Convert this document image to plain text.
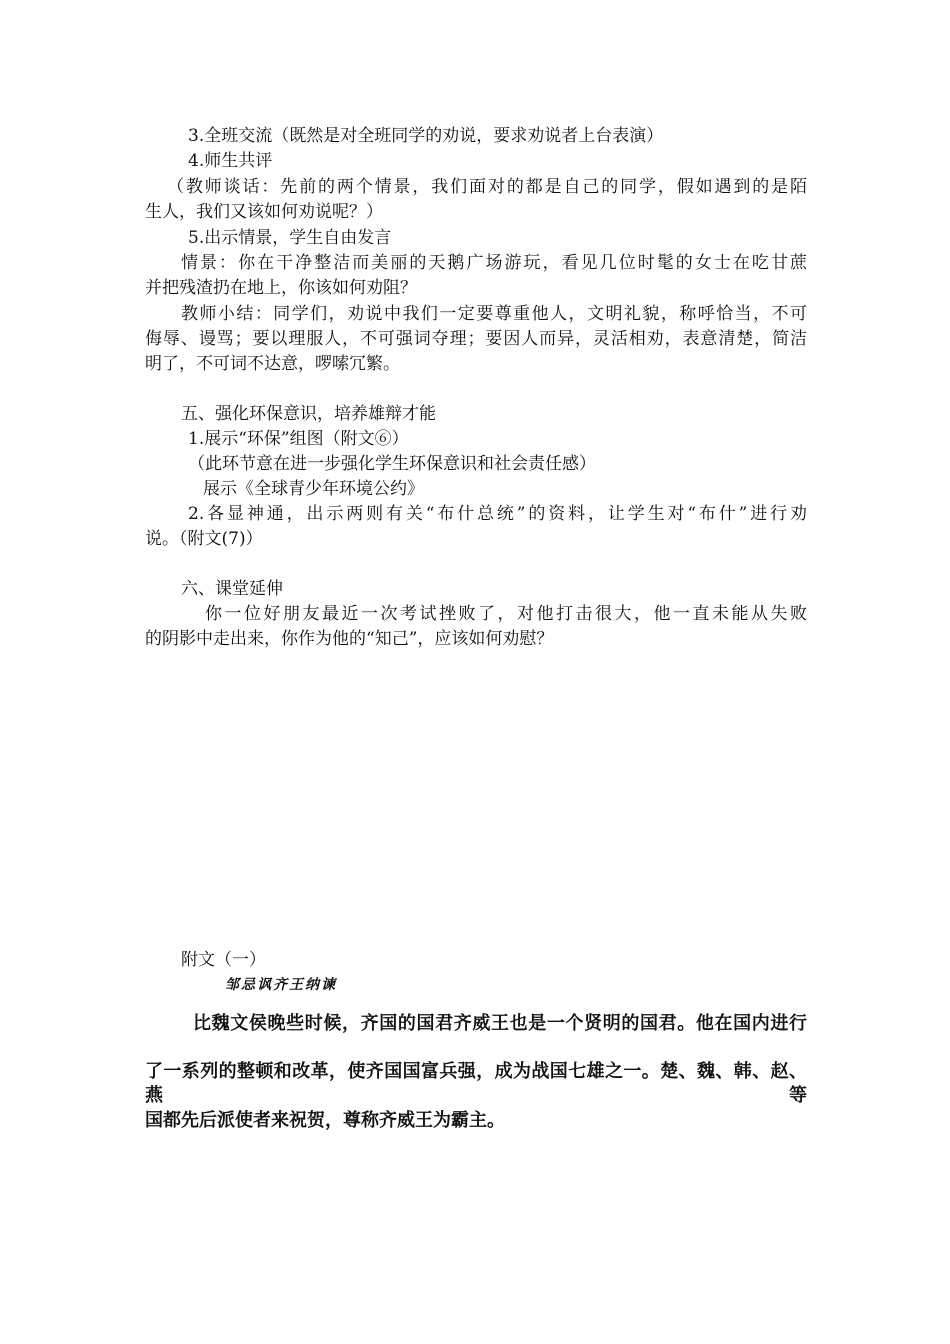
3.全班交流（既然是对全班同学的劝说，要求劝说者上台表演）
4.师生共评
（教师谈话：先前的两个情景，我们面对的都是自己的同学，假如遇到的是陌
生人，我们又该如何劝说呢？）
5.出示情景，学生自由发言
情景：你在干净整洁而美丽的天鹅广场游玩，看见几位时髦的女士在吃甘蔗
并把残渣扔在地上，你该如何劝阻？
教师小结：同学们，劝说中我们一定要尊重他人，文明礼貌，称呼恰当，不可
侮辱、谩骂；要以理服人，不可强词夺理；要因人而异，灵活相劝，表意清楚，简洁
明了，不可词不达意，啰嗦冗繁。
五、强化环保意识，培养雄辩才能
1.展示“环保”组图（附文⑥）
（此环节意在进一步强化学生环保意识和社会责任感）
展示《全球青少年环境公约》
2.各显神通，出示两则有关“布什总统”的资料，让学生对“布什”进行劝
说。（附文(7)）
六、课堂延伸
你一位好朋友最近一次考试挫败了，对他打击很大，他一直未能从失败
的阴影中走出来，你作为他的“知己”，应该如何劝慰？
附文（一）
邹忌讽齐王纳谏
比魏文侯晚些时候，齐国的国君齐威王也是一个贤明的国君。他在国内进行
了一系列的整顿和改革，使齐国国富兵强，成为战国七雄之一。楚、魏、韩、赵、燕等
国都先后派使者来祝贺，尊称齐威王为霸主。
